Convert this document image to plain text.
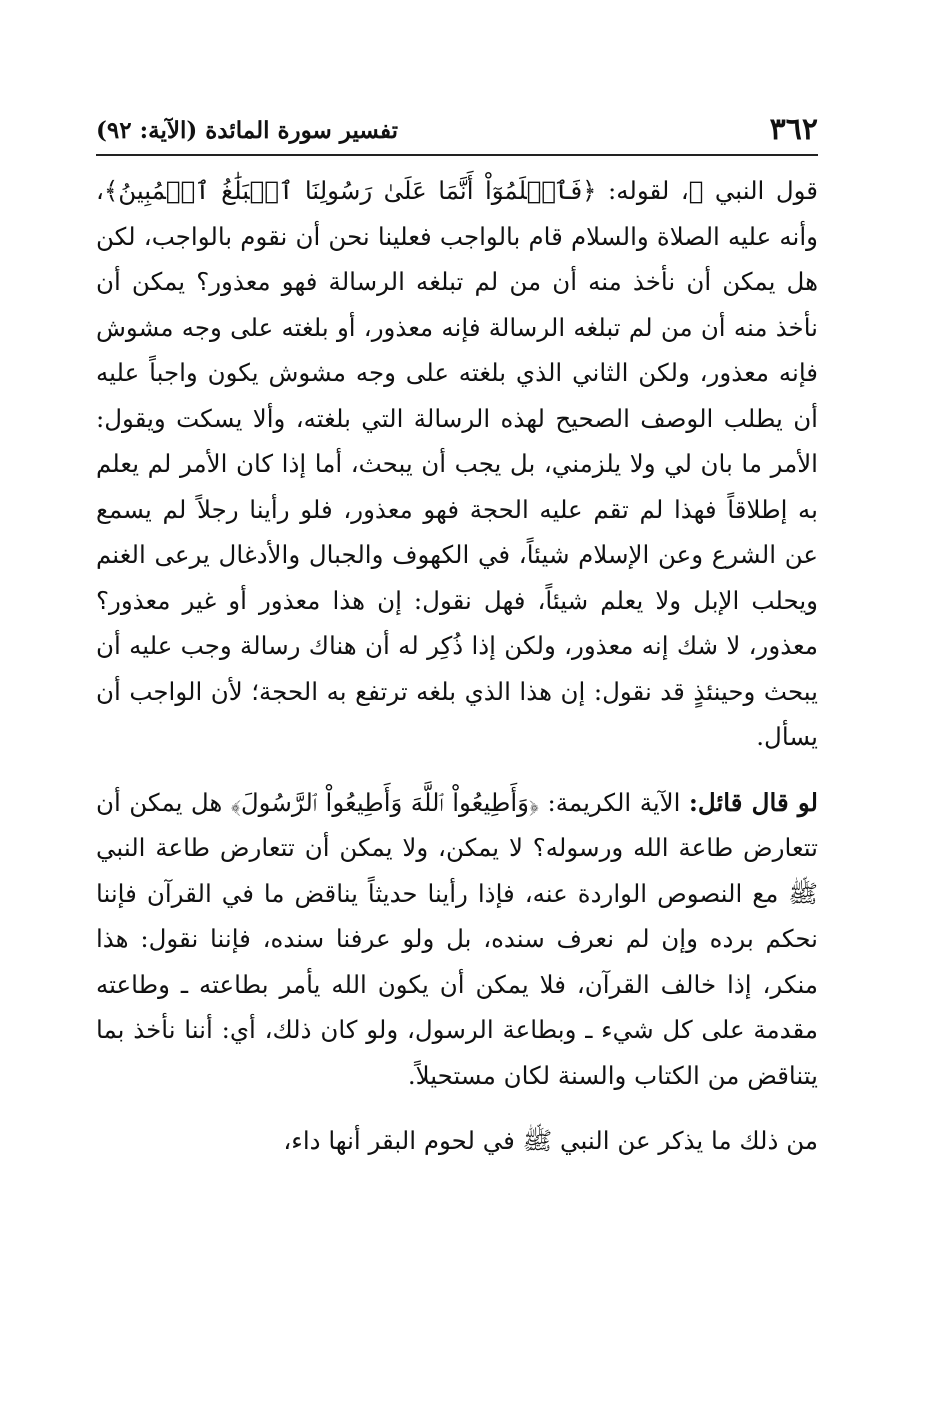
٣٦٢
تفسير سورة المائدة (الآية: ٩٢)

قول النبي ﷺ، لقوله: ﴿فَٱعۡلَمُوٓاْ أَنَّمَا عَلَىٰ رَسُولِنَا ٱلۡبَلَٰغُ ٱلۡمُبِينُ﴾، وأنه عليه الصلاة والسلام قام بالواجب فعلينا نحن أن نقوم بالواجب، لكن هل يمكن أن نأخذ منه أن من لم تبلغه الرسالة فهو معذور؟ يمكن أن نأخذ منه أن من لم تبلغه الرسالة فإنه معذور، أو بلغته على وجه مشوش فإنه معذور، ولكن الثاني الذي بلغته على وجه مشوش يكون واجباً عليه أن يطلب الوصف الصحيح لهذه الرسالة التي بلغته، وألا يسكت ويقول: الأمر ما بان لي ولا يلزمني، بل يجب أن يبحث، أما إذا كان الأمر لم يعلم به إطلاقاً فهذا لم تقم عليه الحجة فهو معذور، فلو رأينا رجلاً لم يسمع عن الشرع وعن الإسلام شيئاً، في الكهوف والجبال والأدغال يرعى الغنم ويحلب الإبل ولا يعلم شيئاً، فهل نقول: إن هذا معذور أو غير معذور؟ معذور، لا شك إنه معذور، ولكن إذا ذُكِر له أن هناك رسالة وجب عليه أن يبحث وحينئذٍ قد نقول: إن هذا الذي بلغه ترتفع به الحجة؛ لأن الواجب أن يسأل.

لو قال قائل: الآية الكريمة: ﴿وَأَطِيعُواْ ٱللَّهَ وَأَطِيعُواْ ٱلرَّسُولَ﴾ هل يمكن أن تتعارض طاعة الله ورسوله؟ لا يمكن، ولا يمكن أن تتعارض طاعة النبي ﷺ مع النصوص الواردة عنه، فإذا رأينا حديثاً يناقض ما في القرآن فإننا نحكم برده وإن لم نعرف سنده، بل ولو عرفنا سنده، فإننا نقول: هذا منكر، إذا خالف القرآن، فلا يمكن أن يكون الله يأمر بطاعته ـ وطاعته مقدمة على كل شيء ـ وبطاعة الرسول، ولو كان ذلك، أي: أننا نأخذ بما يتناقض من الكتاب والسنة لكان مستحيلاً.

من ذلك ما يذكر عن النبي ﷺ في لحوم البقر أنها داء،
